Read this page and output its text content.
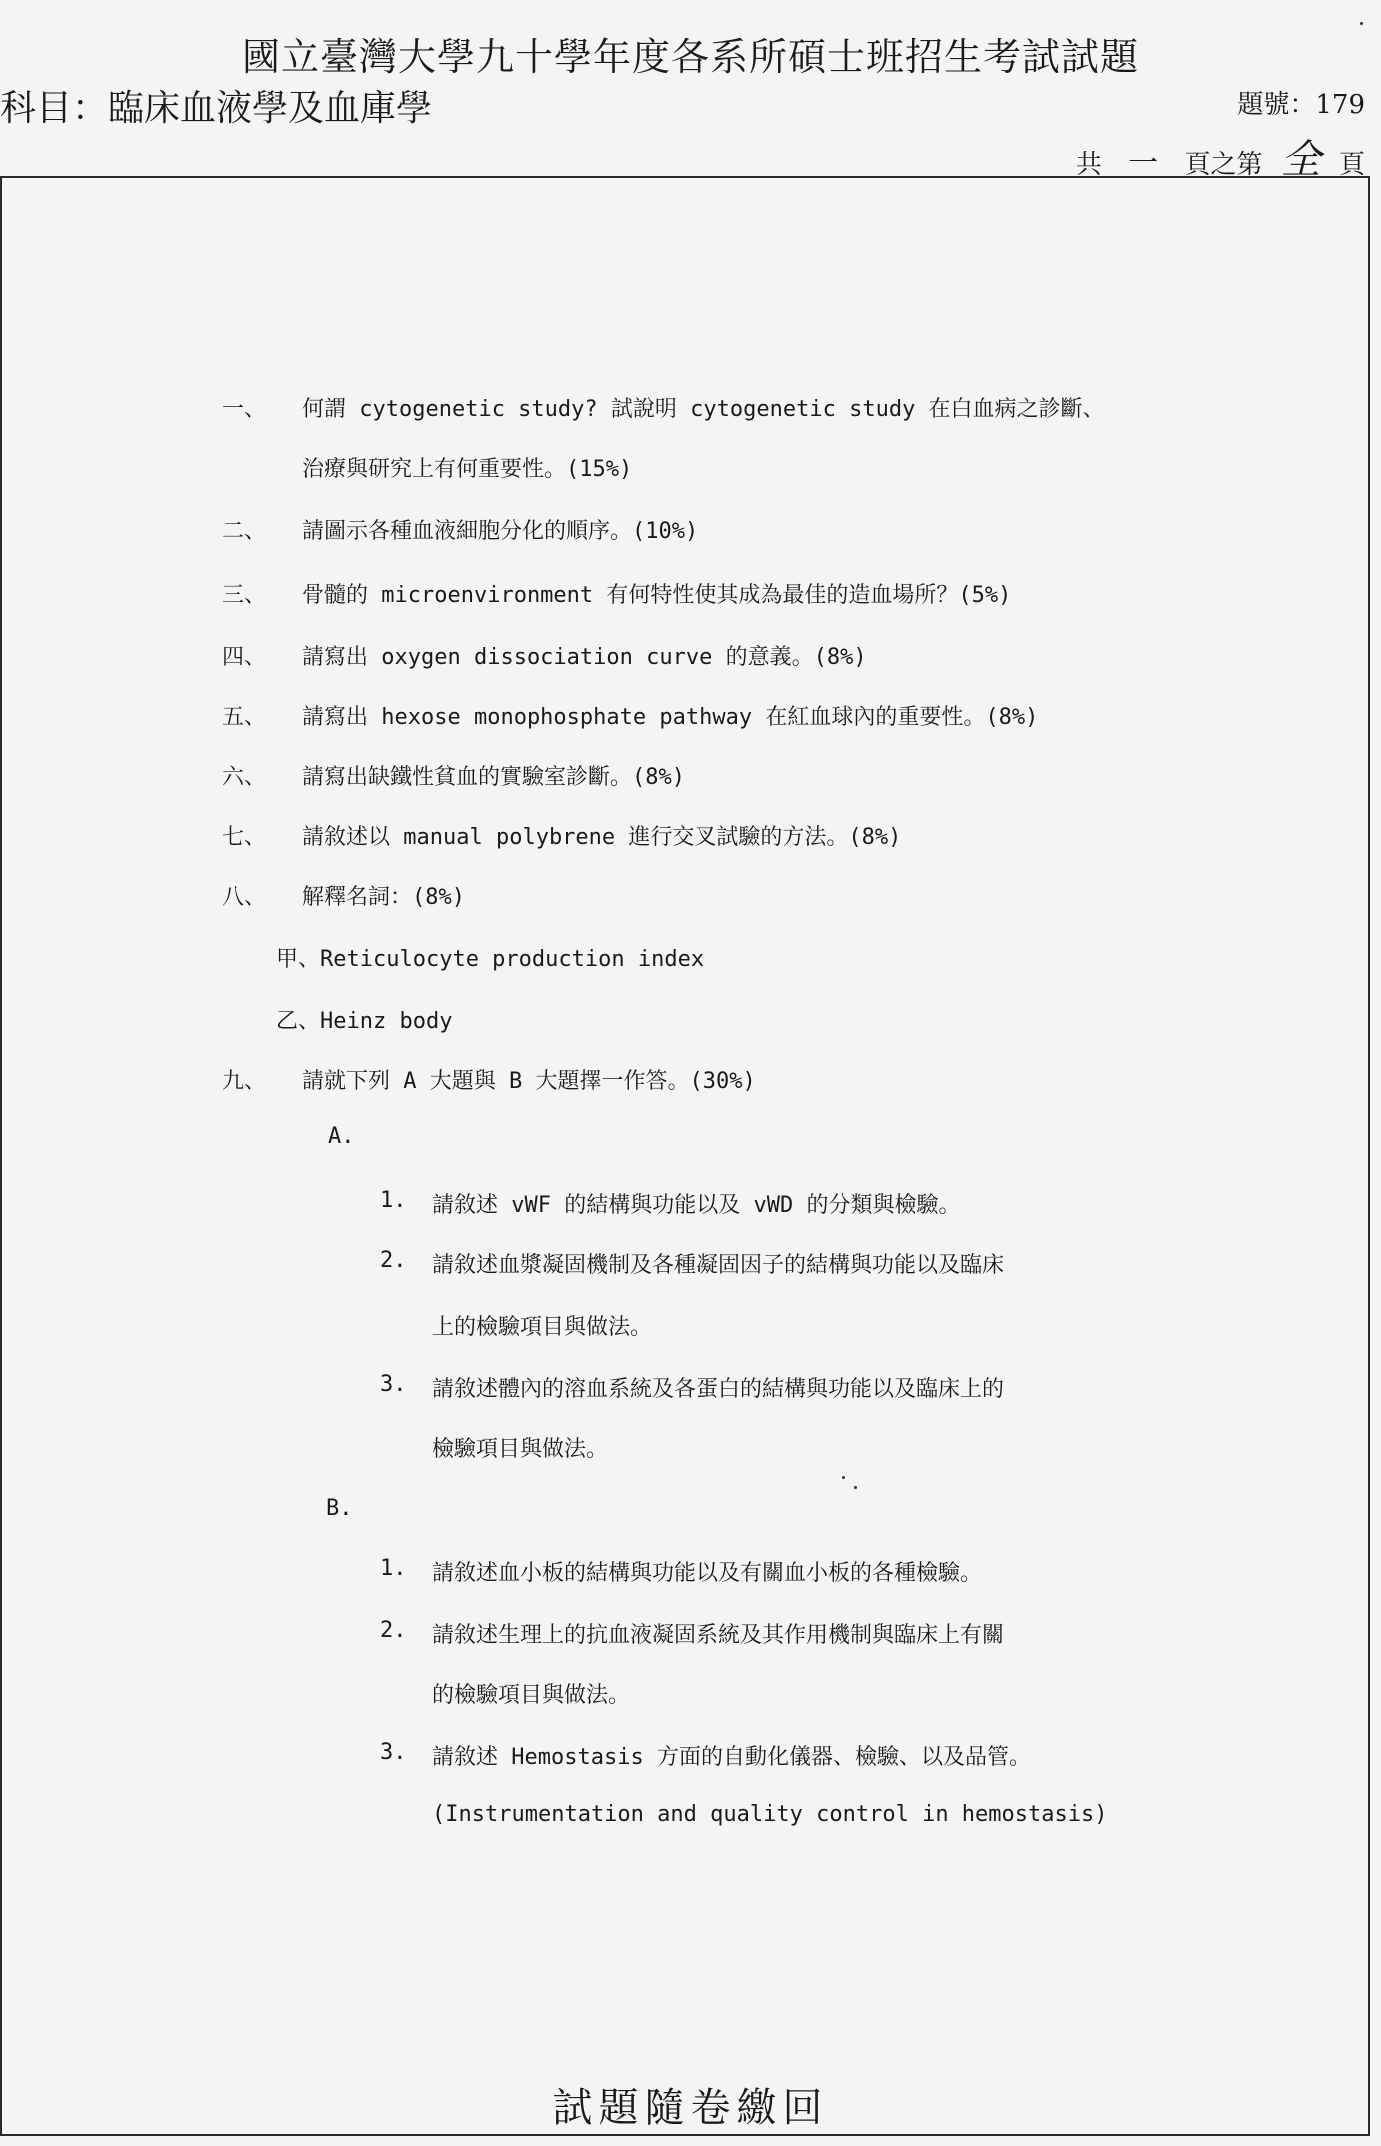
國立臺灣大學九十學年度各系所碩士班招生考試試題
科目：臨床血液學及血庫學	題號：179
共 一 頁之第 全 頁
一、 何謂 cytogenetic study? 試說明 cytogenetic study 在白血病之診斷、
治療與研究上有何重要性。(15%)
二、 請圖示各種血液細胞分化的順序。(10%)
三、 骨髓的 microenvironment 有何特性使其成為最佳的造血場所？(5%)
四、 請寫出 oxygen dissociation curve 的意義。(8%)
五、 請寫出 hexose monophosphate pathway 在紅血球內的重要性。(8%)
六、 請寫出缺鐵性貧血的實驗室診斷。(8%)
七、 請敘述以 manual polybrene 進行交叉試驗的方法。(8%)
八、 解釋名詞：(8%)
甲、Reticulocyte production index
乙、Heinz body
九、 請就下列 A 大題與 B 大題擇一作答。(30%)
A.
1. 請敘述 vWF 的結構與功能以及 vWD 的分類與檢驗。
2. 請敘述血漿凝固機制及各種凝固因子的結構與功能以及臨床
上的檢驗項目與做法。
3. 請敘述體內的溶血系統及各蛋白的結構與功能以及臨床上的
檢驗項目與做法。
B.
1. 請敘述血小板的結構與功能以及有關血小板的各種檢驗。
2. 請敘述生理上的抗血液凝固系統及其作用機制與臨床上有關
的檢驗項目與做法。
3. 請敘述 Hemostasis 方面的自動化儀器、檢驗、以及品管。
(Instrumentation and quality control in hemostasis)
試題隨卷繳回
